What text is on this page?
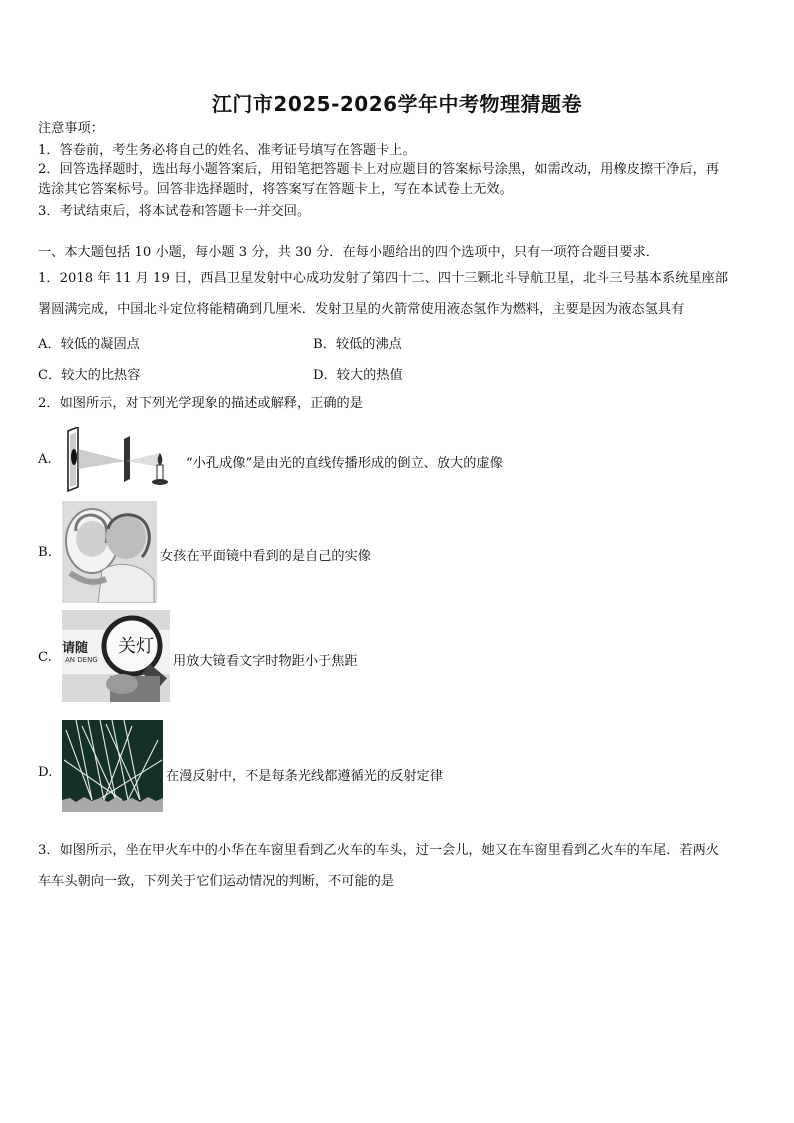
江门市2025-2026学年中考物理猜题卷
注意事项：
1．答卷前，考生务必将自己的姓名、准考证号填写在答题卡上。
2．回答选择题时，选出每小题答案后，用铅笔把答题卡上对应题目的答案标号涂黑，如需改动，用橡皮擦干净后，再
选涂其它答案标号。回答非选择题时，将答案写在答题卡上，写在本试卷上无效。
3．考试结束后，将本试卷和答题卡一并交回。
一、本大题包括 10 小题，每小题 3 分，共 30 分．在每小题给出的四个选项中，只有一项符合题目要求．
1．2018 年 11 月 19 日，西昌卫星发射中心成功发射了第四十二、四十三颗北斗导航卫星，北斗三号基本系统星座部
署圆满完成，中国北斗定位将能精确到几厘米．发射卫星的火箭常使用液态氢作为燃料，主要是因为液态氢具有
A．较低的凝固点	B．较低的沸点
C．较大的比热容	D．较大的热值
2．如图所示，对下列光学现象的描述或解释，正确的是
A.	“小孔成像”是由光的直线传播形成的倒立、放大的虚像
B.	女孩在平面镜中看到的是自己的实像
C.
请随 关灯
AN DENG	用放大镜看文字时物距小于焦距
D.	在漫反射中，不是每条光线都遵循光的反射定律
3．如图所示，坐在甲火车中的小华在车窗里看到乙火车的车头，过一会儿，她又在车窗里看到乙火车的车尾．若两火
车车头朝向一致，下列关于它们运动情况的判断，不可能的是
